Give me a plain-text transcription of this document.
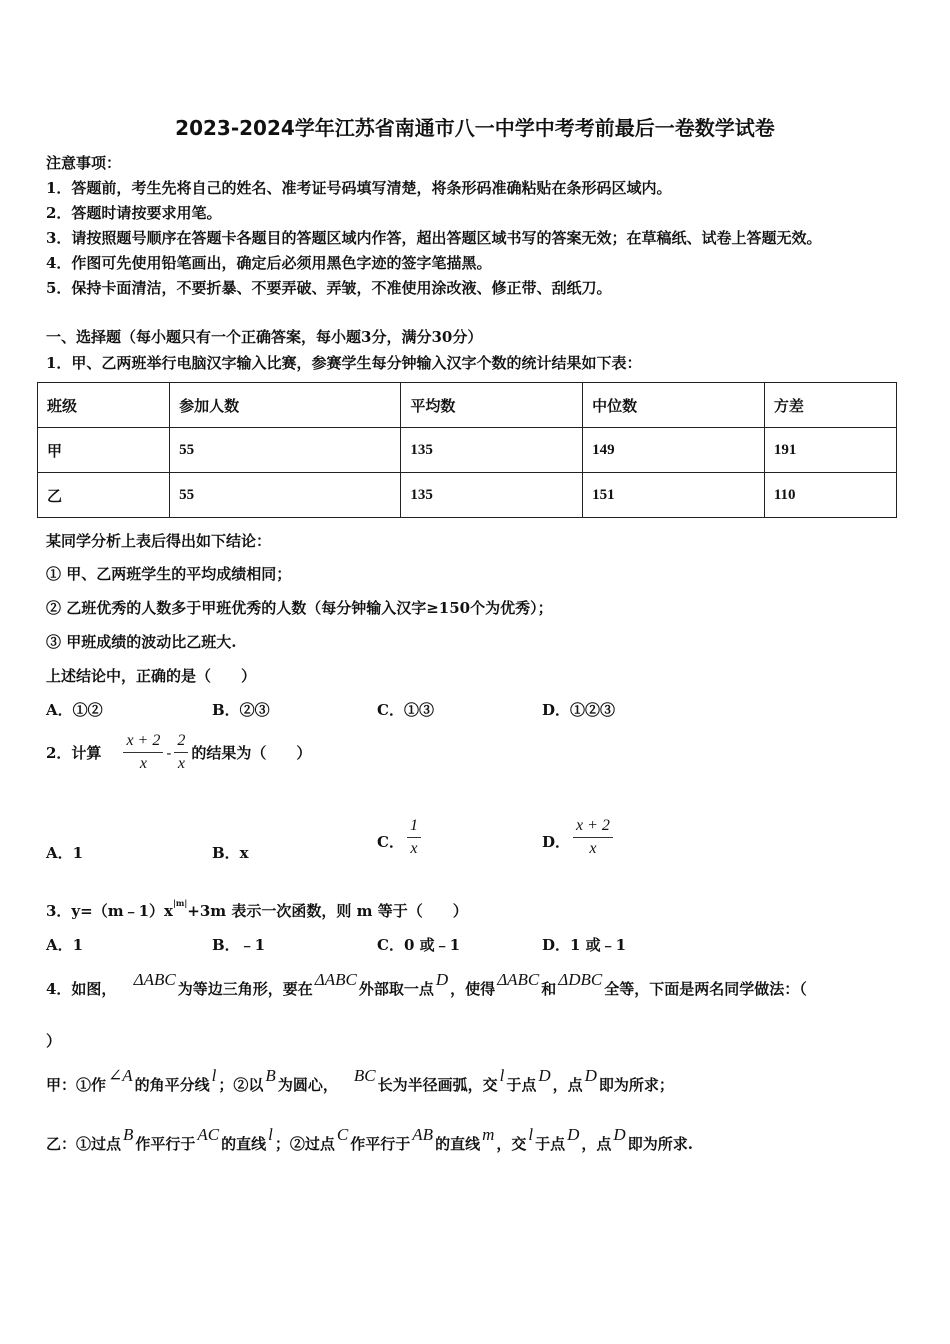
2023-2024学年江苏省南通市八一中学中考考前最后一卷数学试卷
注意事项：
1．答题前，考生先将自己的姓名、准考证号码填写清楚，将条形码准确粘贴在条形码区域内。
2．答题时请按要求用笔。
3．请按照题号顺序在答题卡各题目的答题区域内作答，超出答题区域书写的答案无效；在草稿纸、试卷上答题无效。
4．作图可先使用铅笔画出，确定后必须用黑色字迹的签字笔描黑。
5．保持卡面清洁，不要折暴、不要弄破、弄皱，不准使用涂改液、修正带、刮纸刀。
一、选择题（每小题只有一个正确答案，每小题3分，满分30分）
1．甲、乙两班举行电脑汉字输入比赛，参赛学生每分钟输入汉字个数的统计结果如下表：
班级	参加人数	平均数	中位数	方差
甲	55	135	149	191
乙	55	135	151	110
某同学分析上表后得出如下结论：
① 甲、乙两班学生的平均成绩相同；
② 乙班优秀的人数多于甲班优秀的人数（每分钟输入汉字≥150个为优秀）；
③ 甲班成绩的波动比乙班大.
上述结论中，正确的是（　　）
A．①②	B．②③	C．①③	D．①②③
2．计算 $\frac{x + 2}{x} - \frac{2}{x}$ 的结果为（　　）
A．1	B．x
C． $\frac{1}{x}$	D． $\frac{x + 2}{x}$
3．$y=(m﹣1)x^{|m|}+3m$ 表示一次函数，则 m 等于（　　）
A．1	B．﹣1	C．0 或﹣1	D．1 或﹣1
4．如图， ΔABC 为等边三角形，要在 ΔABC 外部取一点 D ，使得 ΔABC 和 ΔDBC 全等，下面是两名同学做法：（
）
甲：①作 ∠A 的角平分线 l ；②以 B 为圆心， BC 长为半径画弧，交 l 于点 D ，点 D 即为所求；
乙：①过点 B 作平行于 AC 的直线 l ；②过点 C 作平行于 AB 的直线 m ，交 l 于点 D ，点 D 即为所求.
